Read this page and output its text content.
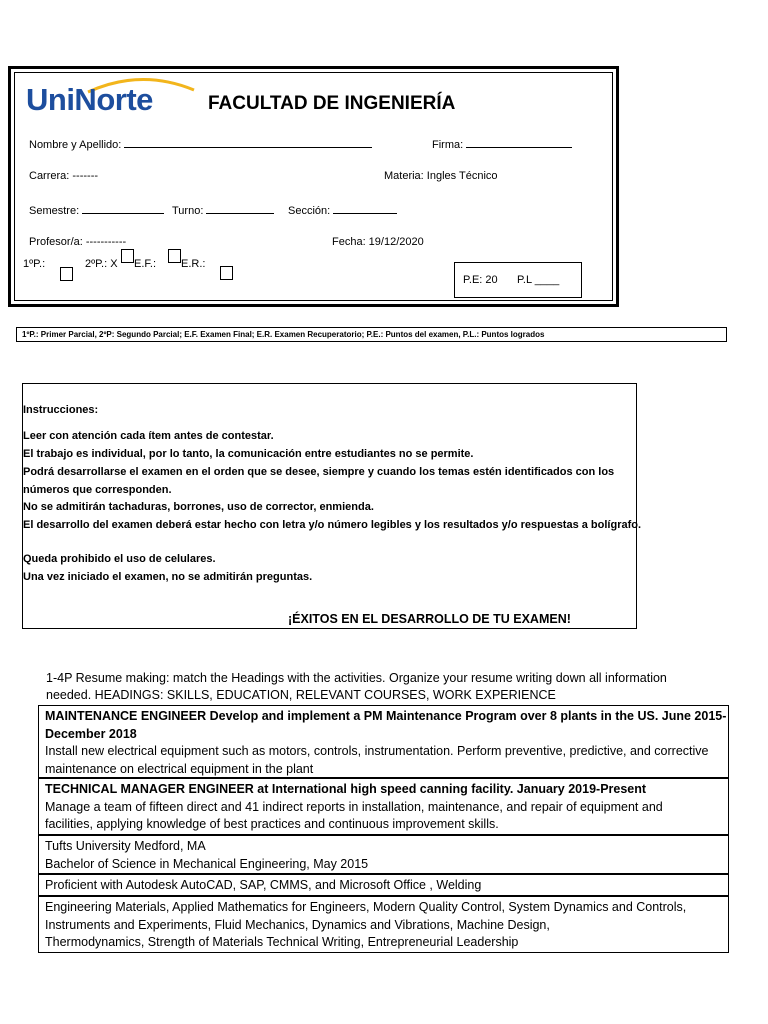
UniNorte	FACULTAD DE INGENIERÍA
Nombre y Apellido:	Firma:
Carrera: -------	Materia: Ingles Técnico
Semestre:	Turno:	Sección:
Profesor/a: -----------	Fecha: 19/12/2020
1ºP.:	2ºP.: X E.F.: E.R.:
P.E: 20 P.L ____
1ºP.: Primer Parcial, 2ºP: Segundo Parcial; E.F. Examen Final; E.R. Examen Recuperatorio; P.E.: Puntos del examen, P.L.: Puntos logrados
Instrucciones:
Leer con atención cada ítem antes de contestar.
El trabajo es individual, por lo tanto, la comunicación entre estudiantes no se permite.
Podrá desarrollarse el examen en el orden que se desee, siempre y cuando los temas estén identificados con los
números que corresponden.
No se admitirán tachaduras, borrones, uso de corrector, enmienda.
El desarrollo del examen deberá estar hecho con letra y/o número legibles y los resultados y/o respuestas a bolígrafo.
Queda prohibido el uso de celulares.
Una vez iniciado el examen, no se admitirán preguntas.
¡ÉXITOS EN EL DESARROLLO DE TU EXAMEN!
1-4P Resume making: match the Headings with the activities. Organize your resume writing down all information
needed. HEADINGS: SKILLS, EDUCATION, RELEVANT COURSES, WORK EXPERIENCE
MAINTENANCE ENGINEER Develop and implement a PM Maintenance Program over 8 plants in the US. June 2015-
December 2018
Install new electrical equipment such as motors, controls, instrumentation. Perform preventive, predictive, and corrective
maintenance on electrical equipment in the plant
TECHNICAL MANAGER ENGINEER at International high speed canning facility. January 2019-Present
Manage a team of fifteen direct and 41 indirect reports in installation, maintenance, and repair of equipment and
facilities, applying knowledge of best practices and continuous improvement skills.
Tufts University Medford, MA
Bachelor of Science in Mechanical Engineering, May 2015
Proficient with Autodesk AutoCAD, SAP, CMMS, and Microsoft Office , Welding
Engineering Materials, Applied Mathematics for Engineers, Modern Quality Control, System Dynamics and Controls,
Instruments and Experiments, Fluid Mechanics, Dynamics and Vibrations, Machine Design,
Thermodynamics, Strength of Materials Technical Writing, Entrepreneurial Leadership
